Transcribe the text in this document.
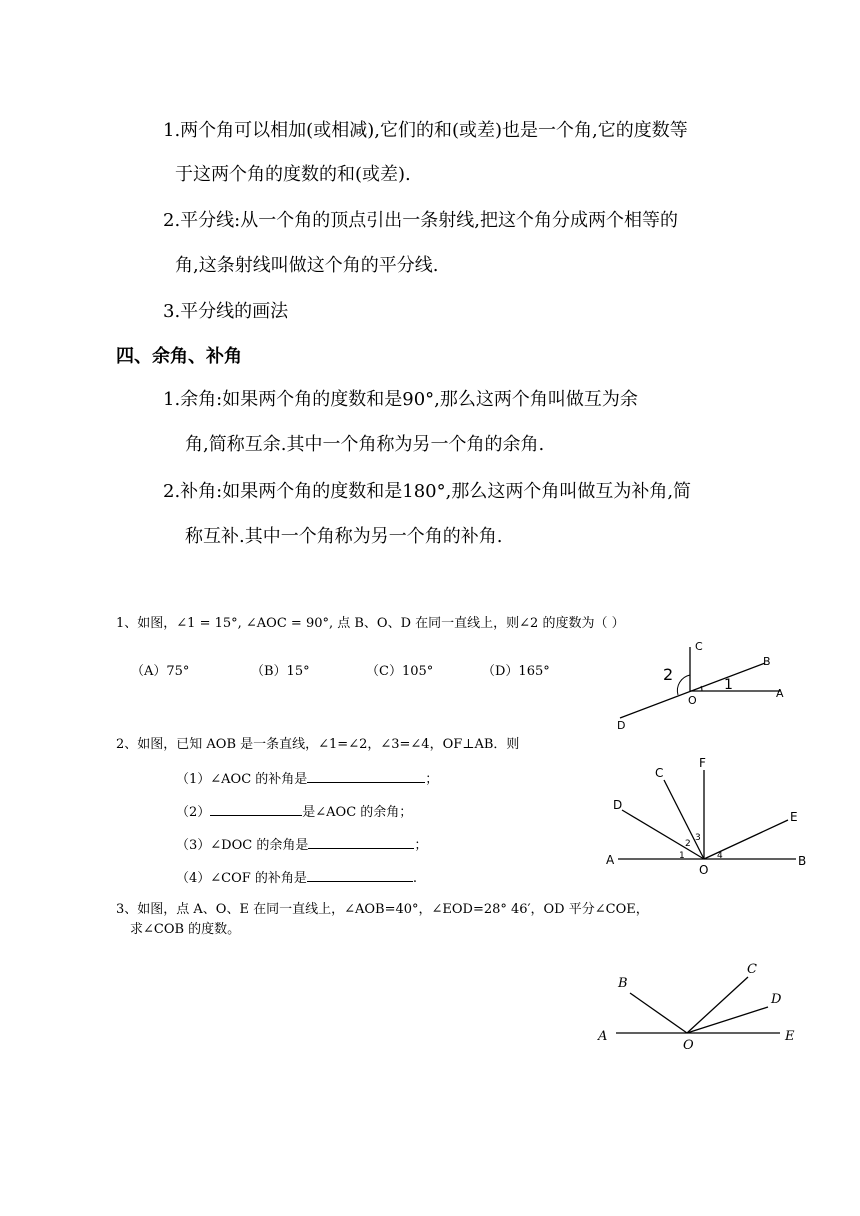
1.两个角可以相加(或相减),它们的和(或差)也是一个角,它的度数等
于这两个角的度数的和(或差).
2.平分线:从一个角的顶点引出一条射线,把这个角分成两个相等的
角,这条射线叫做这个角的平分线.
3.平分线的画法
四、余角、补角
1.余角:如果两个角的度数和是90°,那么这两个角叫做互为余
角,简称互余.其中一个角称为另一个角的余角.
2.补角:如果两个角的度数和是180°,那么这两个角叫做互为补角,简
称互补.其中一个角称为另一个角的补角.
1、如图，∠1 = 15°, ∠AOC = 90°, 点 B、O、D 在同一直线上，则∠2 的度数为（ ）
（A）75°	（B）15°	（C）105°	（D）165°
C
B
A
O
D
1
2
2、如图，已知 AOB 是一条直线，∠1=∠2，∠3=∠4，OF⊥AB．则
（1）∠AOC 的补角是	；
（2）	是∠AOC 的余角；
（3）∠DOC 的余角是	；
（4）∠COF 的补角是	.
F
C
D
E
A
O
B
1
2
3
4
3、如图，点 A、O、E 在同一直线上，∠AOB=40°，∠EOD=28° 46′，OD 平分∠COE，
求∠COB 的度数。
B
C
D
A
O
E
